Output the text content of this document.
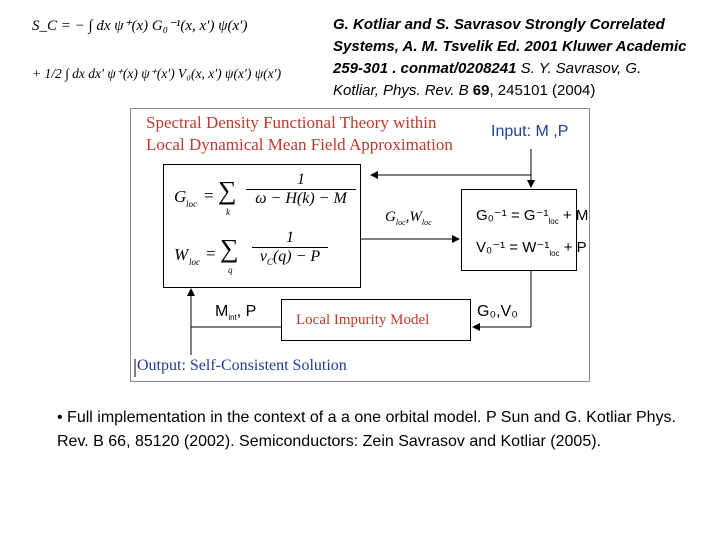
S_C = − ∫ dx ψ⁺(x) G₀⁻¹(x, x′) ψ(x′)
+ 1/2 ∫ dx dx′ ψ⁺(x) ψ⁺(x′) V₀(x, x′) ψ(x′) ψ(x′)
G. Kotliar and S. Savrasov Strongly Correlated
Systems, A. M. Tsvelik Ed. 2001 Kluwer Academic
259-301 . conmat/0208241 S. Y. Savrasov, G.
Kotliar, Phys. Rev. B 69, 245101 (2004)
Spectral Density Functional Theory within
Local Dynamical Mean Field Approximation
Input: M ,P
G loc = ∑
k
$\frac{1}{\omega - H(k) - M}$
W loc = ∑
q
$\frac{1}{v_C(q) - P}$
$G_{loc},W_{loc}$	$G_0^{-1} = G^{-1}_{loc} + M$
$V_0^{-1} = W^{-1}_{loc} + P$
$M_{int}$, P	Local Impurity Model	G₀,V₀
Output: Self-Consistent Solution
• Full implementation in the context of a a one orbital model. P Sun and G. Kotliar Phys. Rev. B 66, 85120 (2002). Semiconductors: Zein Savrasov and Kotliar (2005).
